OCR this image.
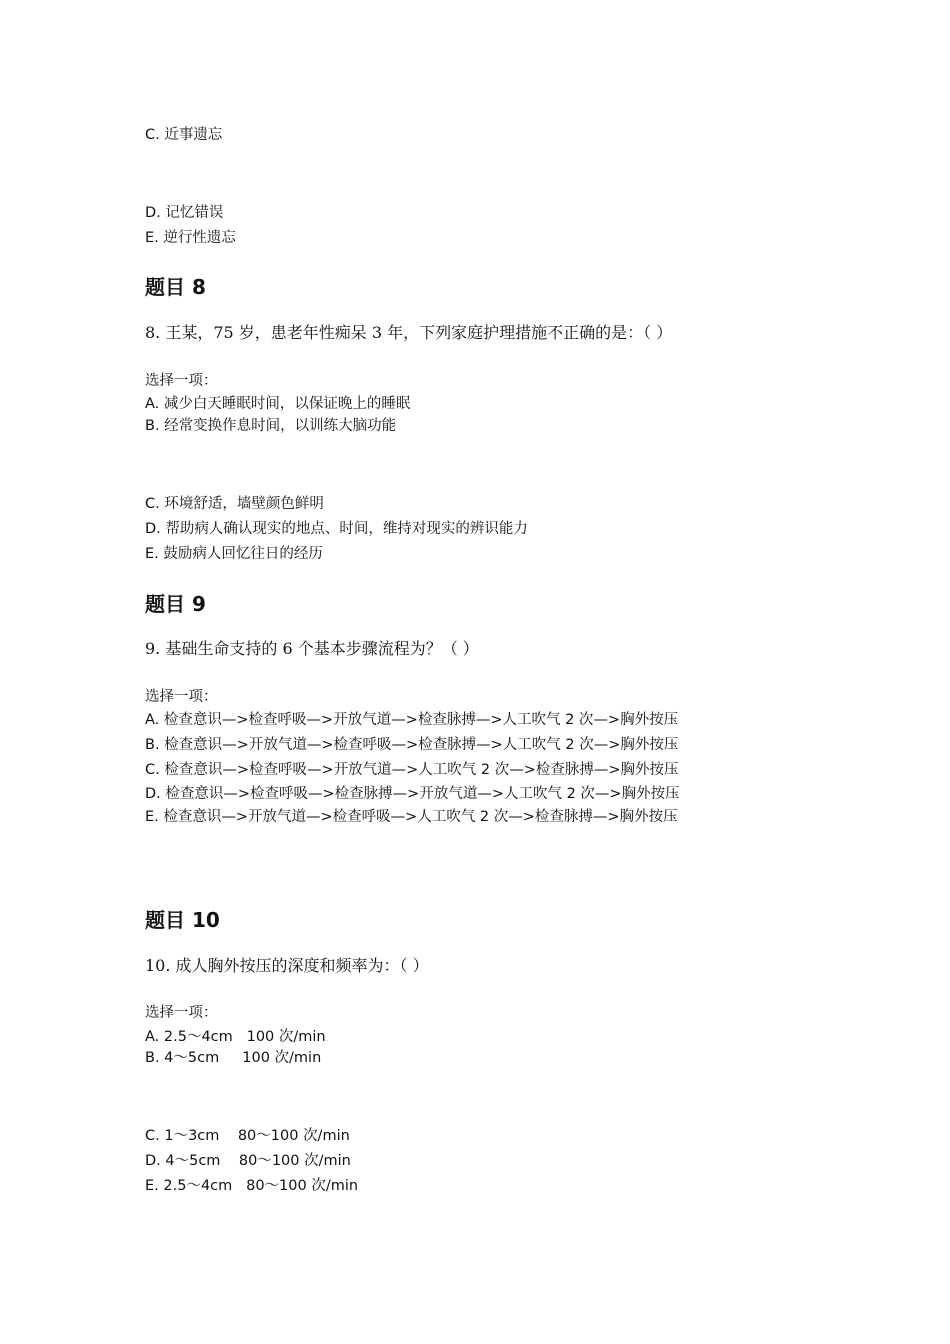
C. 近事遗忘
D. 记忆错误
E. 逆行性遗忘
题目 8
8. 王某，75 岁，患老年性痴呆 3 年，下列家庭护理措施不正确的是：（ ）
选择一项：
A. 减少白天睡眠时间，以保证晚上的睡眠
B. 经常变换作息时间，以训练大脑功能
C. 环境舒适，墙壁颜色鲜明
D. 帮助病人确认现实的地点、时间，维持对现实的辨识能力
E. 鼓励病人回忆往日的经历
题目 9
9. 基础生命支持的 6 个基本步骤流程为？（ ）
选择一项：
A. 检查意识—>检查呼吸—>开放气道—>检查脉搏—>人工吹气 2 次—>胸外按压
B. 检查意识—>开放气道—>检查呼吸—>检查脉搏—>人工吹气 2 次—>胸外按压
C. 检查意识—>检查呼吸—>开放气道—>人工吹气 2 次—>检查脉搏—>胸外按压
D. 检查意识—>检查呼吸—>检查脉搏—>开放气道—>人工吹气 2 次—>胸外按压
E. 检查意识—>开放气道—>检查呼吸—>人工吹气 2 次—>检查脉搏—>胸外按压
题目 10
10. 成人胸外按压的深度和频率为：（ ）
选择一项：
A. 2.5～4cm   100 次/min
B. 4～5cm     100 次/min
C. 1～3cm    80～100 次/min
D. 4～5cm    80～100 次/min
E. 2.5～4cm   80～100 次/min
